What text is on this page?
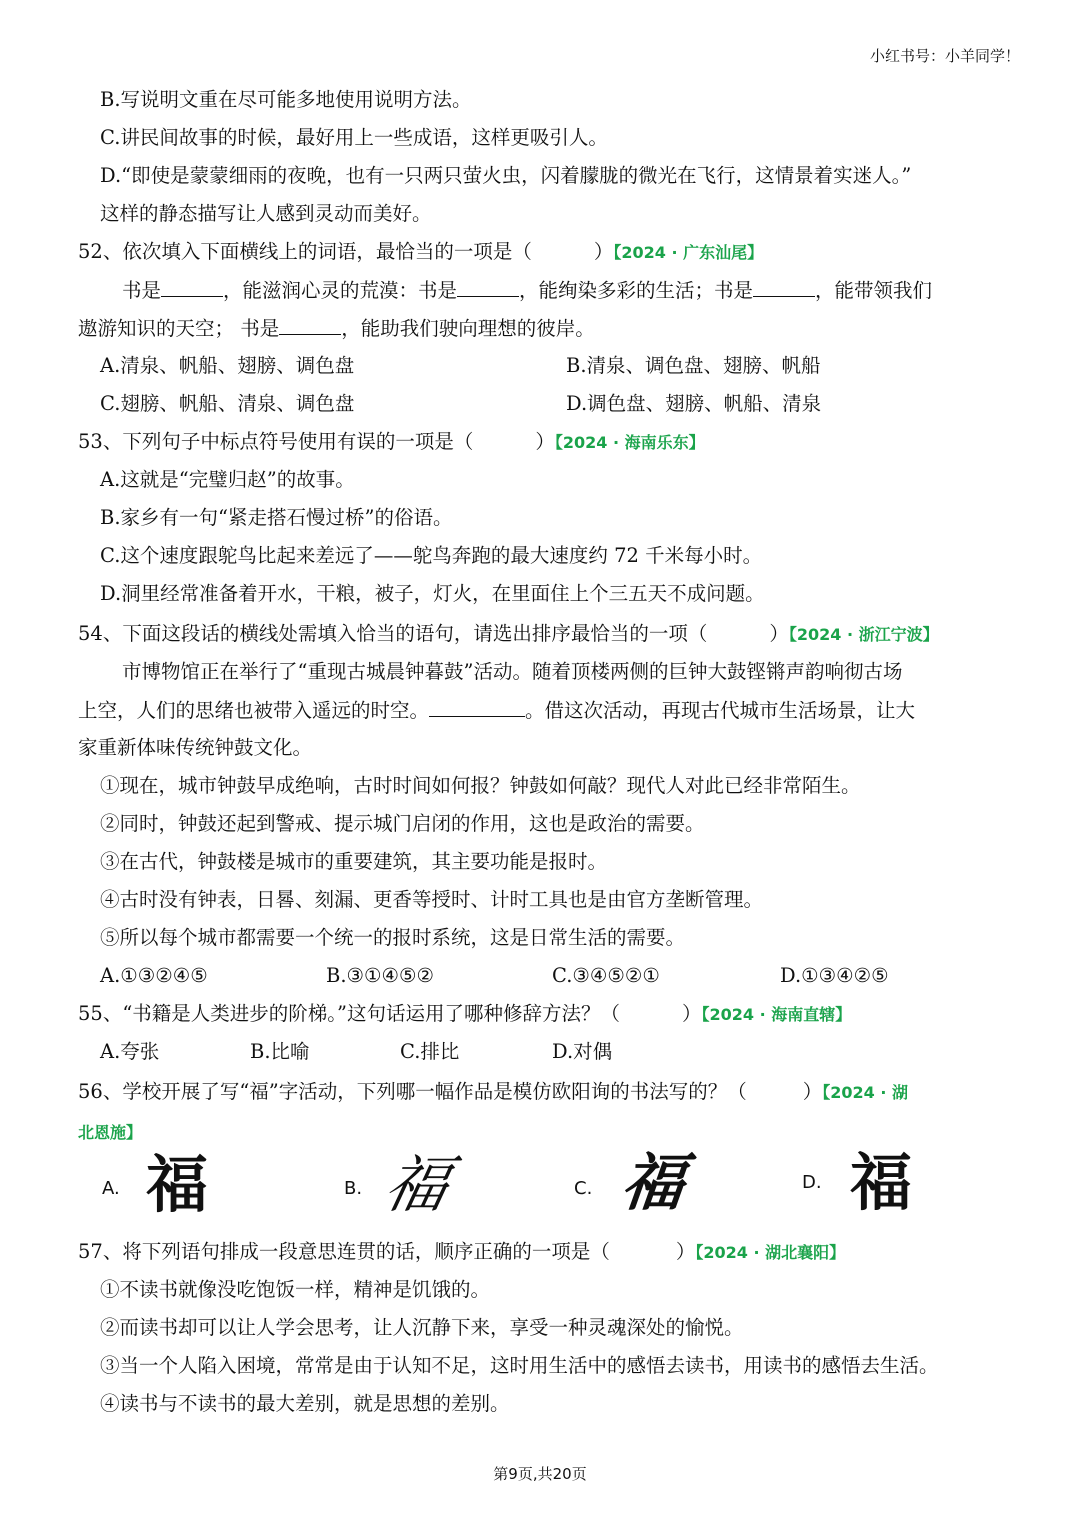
小红书号：小羊同学！
B.写说明文重在尽可能多地使用说明方法。
C.讲民间故事的时候，最好用上一些成语，这样更吸引人。
D.“即使是蒙蒙细雨的夜晚，也有一只两只萤火虫，闪着朦胧的微光在飞行，这情景着实迷人。”
这样的静态描写让人感到灵动而美好。
52、依次填入下面横线上的词语，最恰当的一项是（	）【2024 · 广东汕尾】
书是	，能滋润心灵的荒漠：书是	，能绚染多彩的生活；书是	，能带领我们
遨游知识的天空； 书是	，能助我们驶向理想的彼岸。
A.清泉、帆船、翅膀、调色盘	B.清泉、调色盘、翅膀、帆船
C.翅膀、帆船、清泉、调色盘	D.调色盘、翅膀、帆船、清泉
53、下列句子中标点符号使用有误的一项是（	）【2024 · 海南乐东】
A.这就是“完璧归赵”的故事。
B.家乡有一句“紧走搭石慢过桥”的俗语。
C.这个速度跟鸵鸟比起来差远了——鸵鸟奔跑的最大速度约 72 千米每小时。
D.洞里经常准备着开水，干粮，被子，灯火，在里面住上个三五天不成问题。
54、下面这段话的横线处需填入恰当的语句，请选出排序最恰当的一项（	）【2024 · 浙江宁波】
市博物馆正在举行了“重现古城晨钟暮鼓”活动。随着顶楼两侧的巨钟大鼓铿锵声韵响彻古场
上空，人们的思绪也被带入遥远的时空。	。借这次活动，再现古代城市生活场景，让大
家重新体味传统钟鼓文化。
①现在，城市钟鼓早成绝响，古时时间如何报？钟鼓如何敲？现代人对此已经非常陌生。
②同时，钟鼓还起到警戒、提示城门启闭的作用，这也是政治的需要。
③在古代，钟鼓楼是城市的重要建筑，其主要功能是报时。
④古时没有钟表，日晷、刻漏、更香等授时、计时工具也是由官方垄断管理。
⑤所以每个城市都需要一个统一的报时系统，这是日常生活的需要。
A.①③②④⑤	B.③①④⑤②	C.③④⑤②①	D.①③④②⑤
55、“书籍是人类进步的阶梯。”这句话运用了哪种修辞方法？（	）【2024 · 海南直辖】
A.夸张	B.比喻	C.排比	D.对偶
56、学校开展了写“福”字活动，下列哪一幅作品是模仿欧阳询的书法写的？（	）【2024 · 湖
北恩施】
A. 福	B. 福	C. 福	D. 福
57、将下列语句排成一段意思连贯的话，顺序正确的一项是（	）【2024 · 湖北襄阳】
①不读书就像没吃饱饭一样，精神是饥饿的。
②而读书却可以让人学会思考，让人沉静下来，享受一种灵魂深处的愉悦。
③当一个人陷入困境，常常是由于认知不足，这时用生活中的感悟去读书，用读书的感悟去生活。
④读书与不读书的最大差别，就是思想的差别。
第9页,共20页
